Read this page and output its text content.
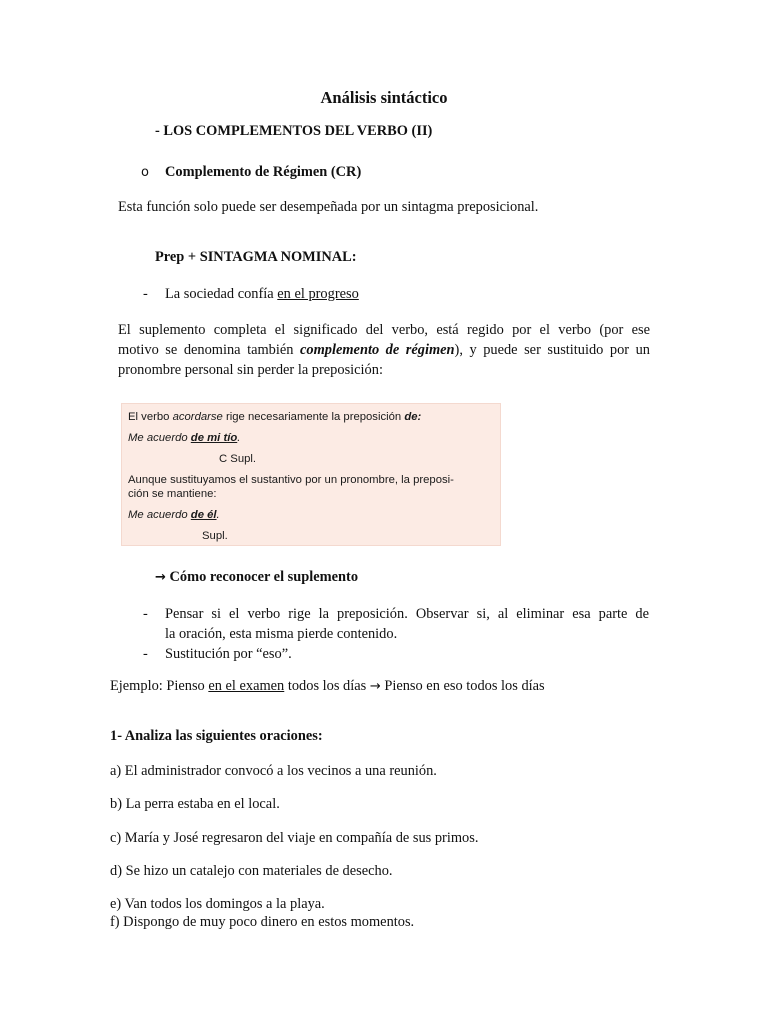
Análisis sintáctico
- LOS COMPLEMENTOS DEL VERBO (II)
o Complemento de Régimen (CR)
Esta función solo puede ser desempeñada por un sintagma preposicional.
Prep + SINTAGMA NOMINAL:
- La sociedad confía en el progreso
El suplemento completa el significado del verbo, está regido por el verbo (por ese
motivo se denomina también complemento de régimen), y puede ser sustituido por un
pronombre personal sin perder la preposición:
El verbo acordarse rige necesariamente la preposición de:
Me acuerdo de mi tío.
C Supl.
Aunque sustituyamos el sustantivo por un pronombre, la preposi-
ción se mantiene:
Me acuerdo de él.
Supl.
→ Cómo reconocer el suplemento
- Pensar si el verbo rige la preposición. Observar si, al eliminar esa parte de
la oración, esta misma pierde contenido.
- Sustitución por “eso”.
Ejemplo: Pienso en el examen todos los días → Pienso en eso todos los días
1- Analiza las siguientes oraciones:
a) El administrador convocó a los vecinos a una reunión.
b) La perra estaba en el local.
c) María y José regresaron del viaje en compañía de sus primos.
d) Se hizo un catalejo con materiales de desecho.
e) Van todos los domingos a la playa.
f) Dispongo de muy poco dinero en estos momentos.
